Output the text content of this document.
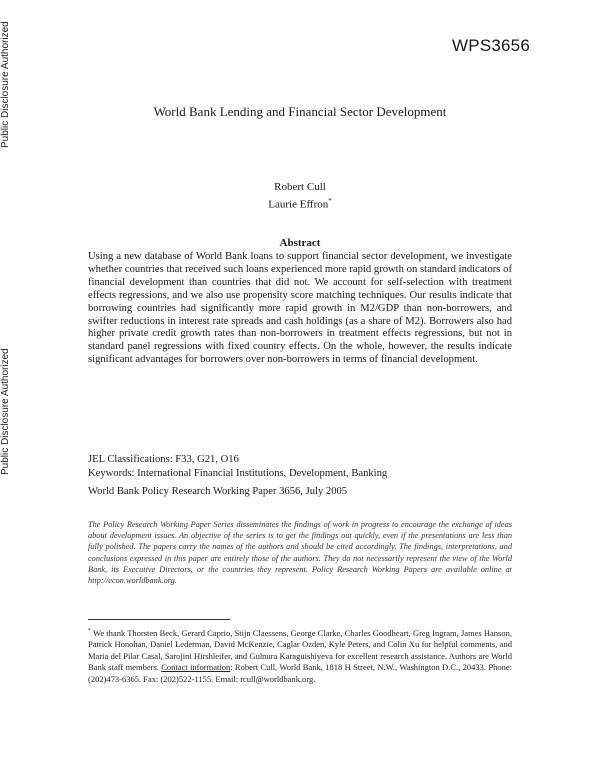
Public Disclosure Authorized
Public Disclosure Authorized
WPS3656
World Bank Lending and Financial Sector Development
Robert Cull
Laurie Effron*
Abstract
Using a new database of World Bank loans to support financial sector development, we investigate whether countries that received such loans experienced more rapid growth on standard indicators of financial development than countries that did not. We account for self-selection with treatment effects regressions, and we also use propensity score matching techniques. Our results indicate that borrowing countries had significantly more rapid growth in M2/GDP than non-borrowers, and swifter reductions in interest rate spreads and cash holdings (as a share of M2). Borrowers also had higher private credit growth rates than non-borrowers in treatment effects regressions, but not in standard panel regressions with fixed country effects. On the whole, however, the results indicate significant advantages for borrowers over non-borrowers in terms of financial development.
JEL Classifications: F33, G21, O16
Keywords: International Financial Institutions, Development, Banking
World Bank Policy Research Working Paper 3656, July 2005
The Policy Research Working Paper Series disseminates the findings of work in progress to encourage the exchange of ideas about development issues. An objective of the series is to get the findings out quickly, even if the presentations are less than fully polished. The papers carry the names of the authors and should be cited accordingly. The findings, interpretations, and conclusions expressed in this paper are entirely those of the authors. They do not necessarily represent the view of the World Bank, its Executive Directors, or the countries they represent. Policy Research Working Papers are available online at http://econ.worldbank.org.
* We thank Thorsten Beck, Gerard Caprio, Stijn Claessens, George Clarke, Charles Goodheart, Greg Ingram, James Hanson, Patrick Honohan, Daniel Lederman, David McKenzie, Caglar Ozden, Kyle Peters, and Colin Xu for helpful comments, and Maria del Pilar Casal, Sarojini Hirshleifer, and Gulnura Karaguishiyeva for excellent research assistance. Authors are World Bank staff members. Contact information: Robert Cull, World Bank, 1818 H Street, N.W., Washington D.C., 20433. Phone: (202)473-6365. Fax: (202)522-1155. Email: rcull@worldbank.org.
